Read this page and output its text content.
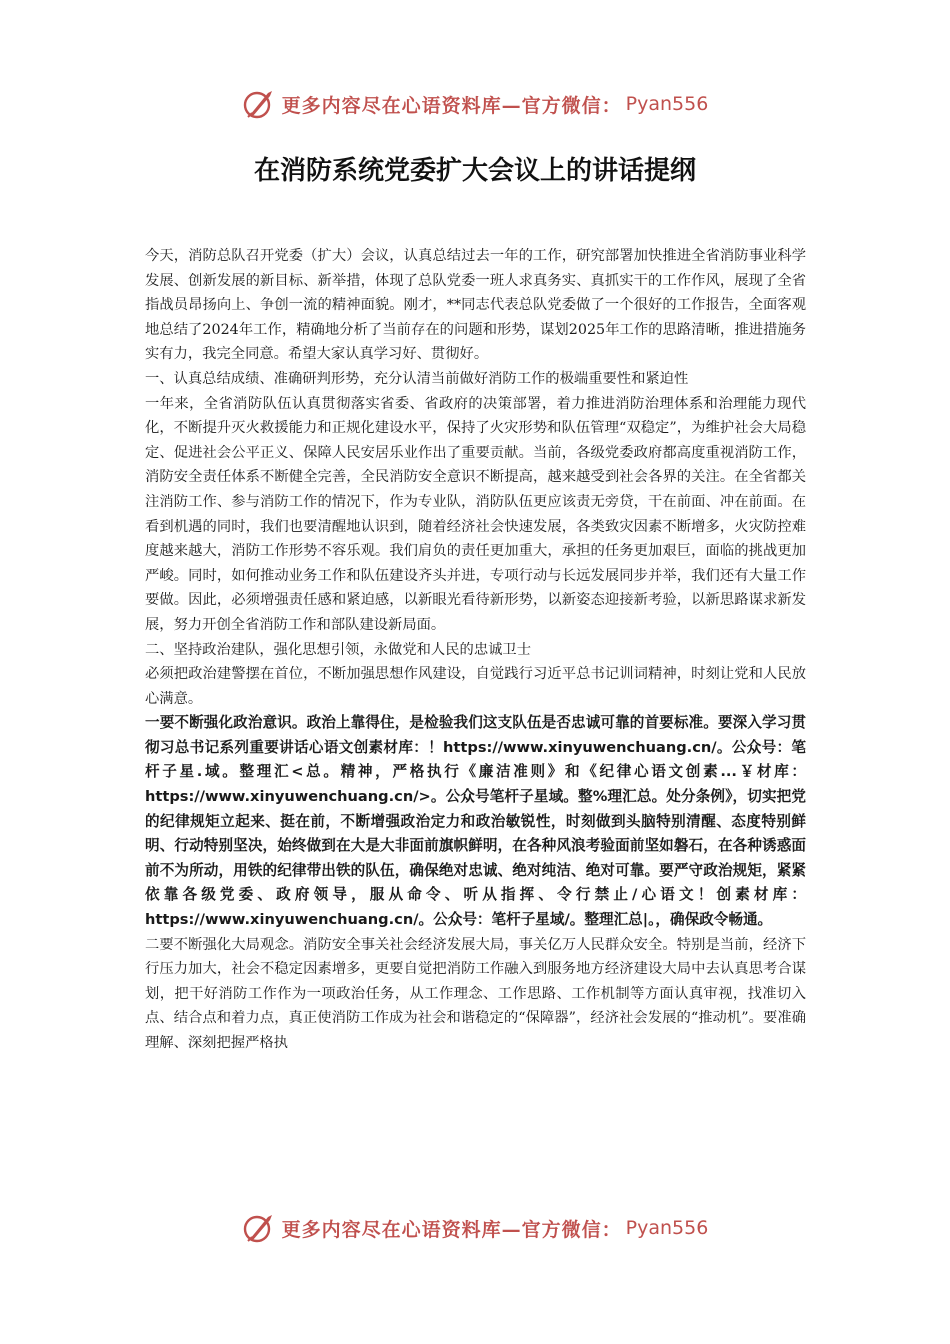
更多内容尽在心语资料库—官方微信： Pyan556
在消防系统党委扩大会议上的讲话提纲

今天，消防总队召开党委（扩大）会议，认真总结过去一年的工作，研究部署加快推进全省消防事业科学发展、创新发展的新目标、新举措，体现了总队党委一班人求真务实、真抓实干的工作作风，展现了全省指战员昂扬向上、争创一流的精神面貌。刚才，**同志代表总队党委做了一个很好的工作报告，全面客观地总结了2024年工作，精确地分析了当前存在的问题和形势，谋划2025年工作的思路清晰，推进措施务实有力，我完全同意。希望大家认真学习好、贯彻好。

一、认真总结成绩、准确研判形势，充分认清当前做好消防工作的极端重要性和紧迫性

一年来，全省消防队伍认真贯彻落实省委、省政府的决策部署，着力推进消防治理体系和治理能力现代化，不断提升灭火救援能力和正规化建设水平，保持了火灾形势和队伍管理“双稳定”，为维护社会大局稳定、促进社会公平正义、保障人民安居乐业作出了重要贡献。当前，各级党委政府都高度重视消防工作，消防安全责任体系不断健全完善，全民消防安全意识不断提高，越来越受到社会各界的关注。在全省都关注消防工作、参与消防工作的情况下，作为专业队，消防队伍更应该责无旁贷，干在前面、冲在前面。在看到机遇的同时，我们也要清醒地认识到，随着经济社会快速发展，各类致灾因素不断增多，火灾防控难度越来越大，消防工作形势不容乐观。我们肩负的责任更加重大，承担的任务更加艰巨，面临的挑战更加严峻。同时，如何推动业务工作和队伍建设齐头并进，专项行动与长远发展同步并举，我们还有大量工作要做。因此，必须增强责任感和紧迫感，以新眼光看待新形势，以新姿态迎接新考验，以新思路谋求新发展，努力开创全省消防工作和部队建设新局面。

二、坚持政治建队，强化思想引领，永做党和人民的忠诚卫士

必须把政治建警摆在首位，不断加强思想作风建设，自觉践行习近平总书记训词精神，时刻让党和人民放心满意。

一要不断强化政治意识。政治上靠得住，是检验我们这支队伍是否忠诚可靠的首要标准。要深入学习贯彻习总书记系列重要讲话心语文创素材库：！https://www.xinyuwenchuang.cn/。公众号：笔杆子星.域。整理汇<总。精神，严格执行《廉洁准则》和《纪律心语文创素...￥材库：https://www.xinyuwenchuang.cn/>。公众号笔杆子星域。整%理汇总。处分条例》，切实把党的纪律规矩立起来、挺在前，不断增强政治定力和政治敏锐性，时刻做到头脑特别清醒、态度特别鲜明、行动特别坚决，始终做到在大是大非面前旗帜鲜明，在各种风浪考验面前坚如磐石，在各种诱惑面前不为所动，用铁的纪律带出铁的队伍，确保绝对忠诚、绝对纯洁、绝对可靠。要严守政治规矩，紧紧依靠各级党委、政府领导，服从命令、听从指挥、令行禁止/心语文！创素材库：https://www.xinyuwenchuang.cn/。公众号：笔杆子星域/。整理汇总|。，确保政令畅通。

二要不断强化大局观念。消防安全事关社会经济发展大局，事关亿万人民群众安全。特别是当前，经济下行压力加大，社会不稳定因素增多，更要自觉把消防工作融入到服务地方经济建设大局中去认真思考合谋划，把干好消防工作作为一项政治任务，从工作理念、工作思路、工作机制等方面认真审视，找准切入点、结合点和着力点，真正使消防工作成为社会和谐稳定的“保障器”，经济社会发展的“推动机”。要准确理解、深刻把握严格执

更多内容尽在心语资料库—官方微信： Pyan556
